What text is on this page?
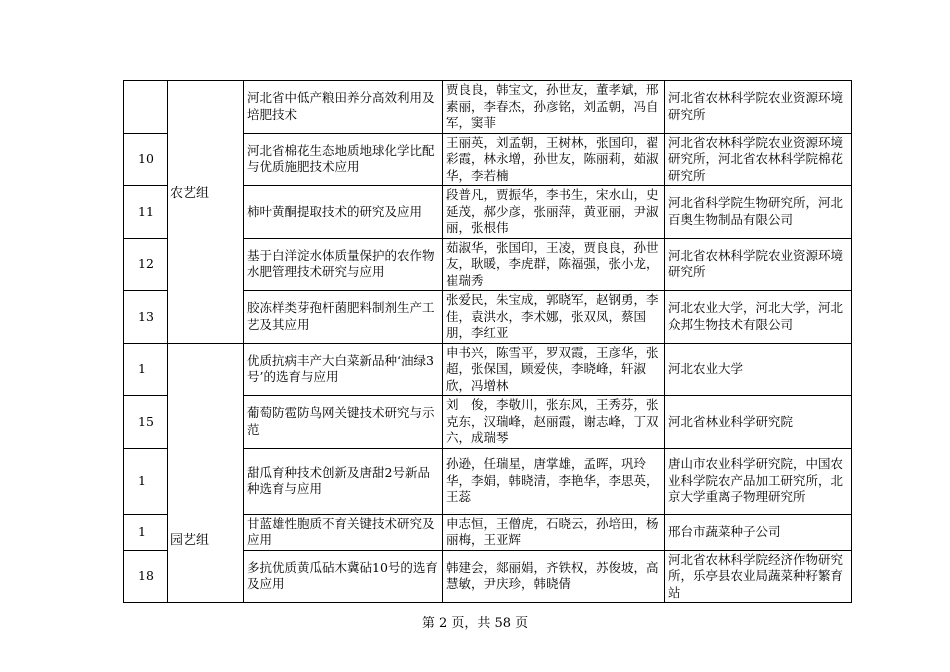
		河北省中低产粮田养分高效利用及培肥技术	贾良良，韩宝文，孙世友，董孝斌，邢素丽，李春杰，孙彦铭，刘孟朝，冯自军，窦菲	河北省农林科学院农业资源环境研究所
10		河北省棉花生态地质地球化学比配与优质施肥技术应用	王丽英，刘孟朝，王树林，张国印，翟彩霞，林永增，孙世友，陈丽莉，茹淑华，李若楠	河北省农林科学院农业资源环境研究所，河北省农林科学院棉花研究所
11	农艺组	柿叶黄酮提取技术的研究及应用	段普凡，贾振华，李书生，宋水山，史延茂，郝少彦，张丽萍，黄亚丽，尹淑丽，张根伟	河北省科学院生物研究所，河北百奥生物制品有限公司
12		基于白洋淀水体质量保护的农作物水肥管理技术研究与应用	茹淑华，张国印，王凌，贾良良，孙世友，耿暖，李虎群，陈福强，张小龙，崔瑞秀	河北省农林科学院农业资源环境研究所
13		胶冻样类芽孢杆菌肥料制剂生产工艺及其应用	张爱民，朱宝成，郭晓军，赵钢勇，李佳，袁洪水，李术娜，张双凤，蔡国朋，李红亚	河北农业大学，河北大学，河北众邦生物技术有限公司
1		优质抗病丰产大白菜新品种‘油绿3号’的选育与应用	申书兴，陈雪平，罗双霞，王彦华，张超，张保国，顾爱侠，李晓峰，轩淑欣，冯增林	河北农业大学
15		葡萄防雹防鸟网关键技术研究与示范	刘　俊，李敬川，张东风，王秀芬，张克东，汉瑞峰，赵丽霞，谢志峰，丁双六，成瑞琴	河北省林业科学研究院
1		甜瓜育种技术创新及唐甜2号新品种选育与应用	孙逊，任瑞星，唐掌雄，孟晖，巩玲华，李娟，韩晓清，李艳华，李思英，王蕊	唐山市农业科学研究院，中国农业科学院农产品加工研究所，北京大学重离子物理研究所
1	园艺组	甘蓝雄性胞质不育关键技术研究及应用	申志恒，王僧虎，石晓云，孙培田，杨丽梅，王亚辉	邢台市蔬菜种子公司
18		多抗优质黄瓜砧木冀砧10号的选育及应用	韩建会，郯丽娟，齐铁权，苏俊坡，高慧敏，尹庆珍，韩晓倩	河北省农林科学院经济作物研究所，乐亭县农业局蔬菜种籽繁育站
第 2 页，共 58 页
